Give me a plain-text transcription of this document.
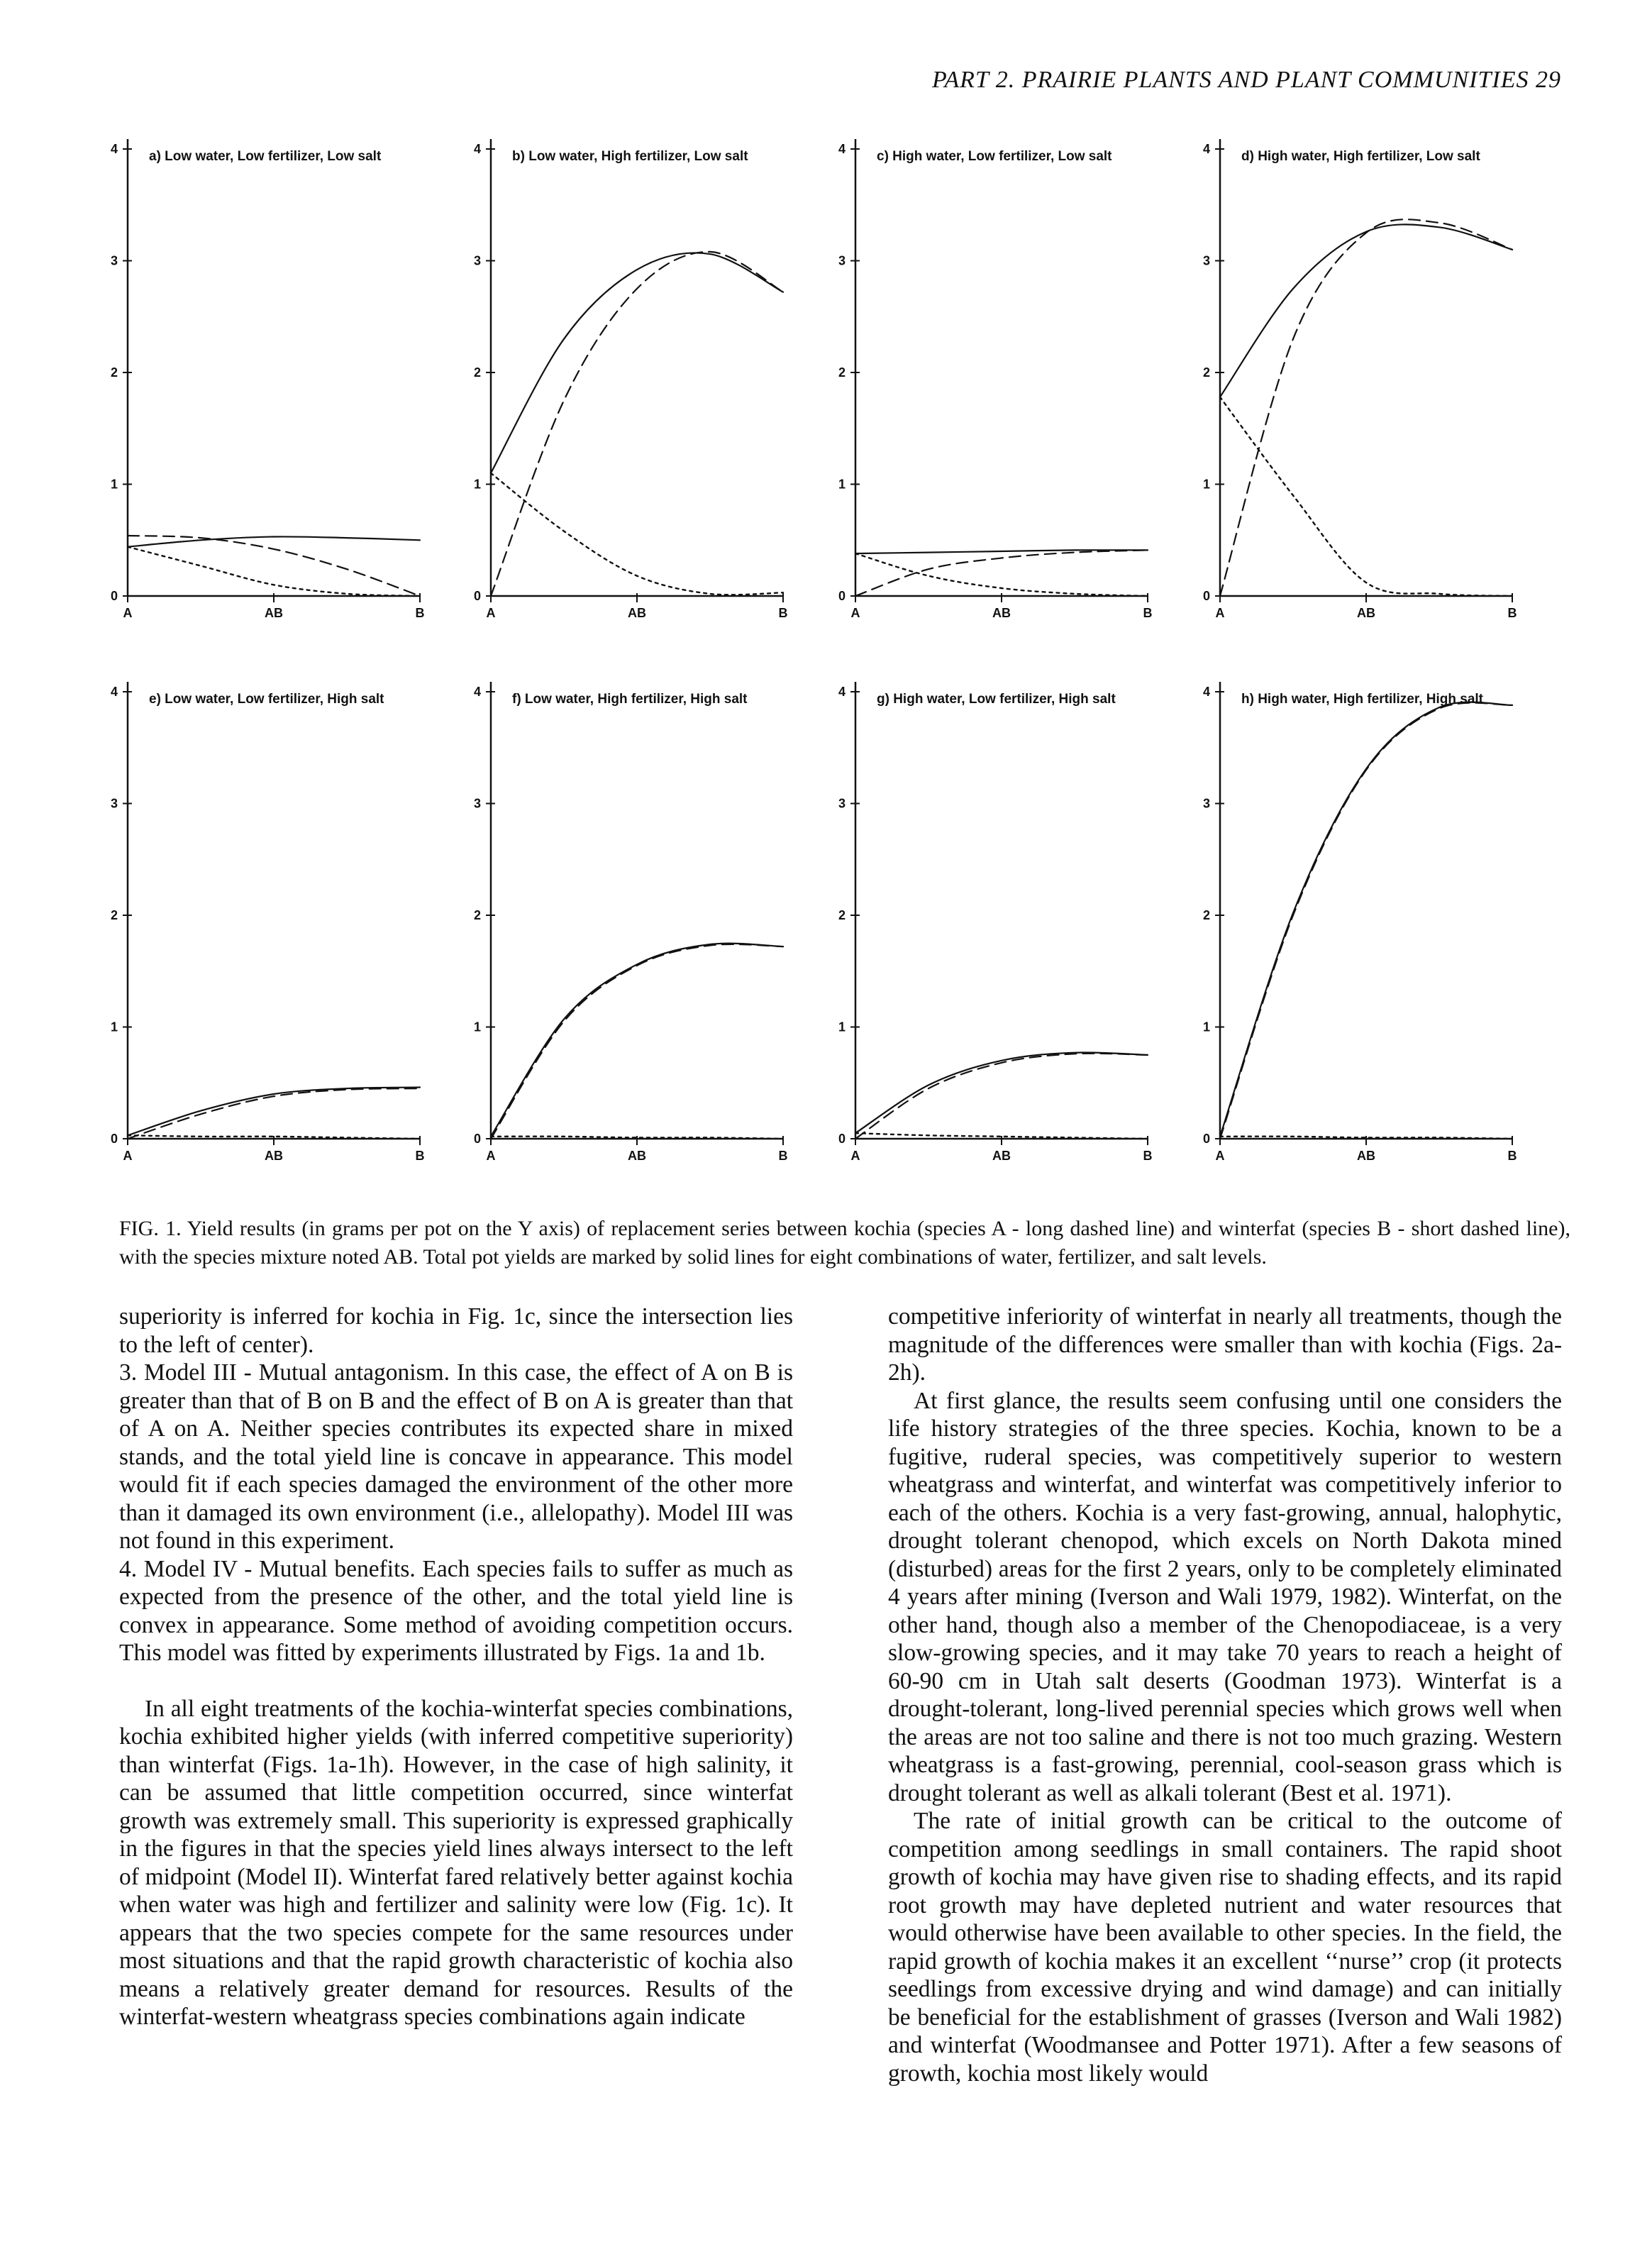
PART 2. PRAIRIE PLANTS AND PLANT COMMUNITIES 29
0
1
2
3
4
A	AB	B
a) Low water, Low fertilizer, Low salt
0
1
2
3
4
A	AB	B
b) Low water, High fertilizer, Low salt
0
1
2
3
4
A	AB	B
c) High water, Low fertilizer, Low salt
0
1
2
3
4
A	AB	B
d) High water, High fertilizer, Low salt
0
1
2
3
4
A	AB	B
e) Low water, Low fertilizer, High salt
0
1
2
3
4
A	AB	B
f) Low water, High fertilizer, High salt
0
1
2
3
4
A	AB	B
g) High water, Low fertilizer, High salt
0
1
2
3
4
A	AB	B
h) High water, High fertilizer, High salt
FIG. 1. Yield results (in grams per pot on the Y axis) of replacement series between kochia (species A - long dashed line) and winterfat (species B - short dashed line), with the species mixture noted AB. Total pot yields are marked by solid lines for eight combinations of water, fertilizer, and salt levels.

superiority is inferred for kochia in Fig. 1c, since the intersection lies to the left of center).

3. Model III - Mutual antagonism. In this case, the effect of A on B is greater than that of B on B and the effect of B on A is greater than that of A on A. Neither species contributes its expected share in mixed stands, and the total yield line is concave in appearance. This model would fit if each species damaged the environment of the other more than it damaged its own environment (i.e., allelopathy). Model III was not found in this experiment.

4. Model IV - Mutual benefits. Each species fails to suffer as much as expected from the presence of the other, and the total yield line is convex in appearance. Some method of avoiding competition occurs. This model was fitted by experiments illustrated by Figs. 1a and 1b.

In all eight treatments of the kochia-winterfat species combinations, kochia exhibited higher yields (with inferred competitive superiority) than winterfat (Figs. 1a-1h). However, in the case of high salinity, it can be assumed that little competition occurred, since winterfat growth was extremely small. This superiority is expressed graphically in the figures in that the species yield lines always intersect to the left of midpoint (Model II). Winterfat fared relatively better against kochia when water was high and fertilizer and salinity were low (Fig. 1c). It appears that the two species compete for the same resources under most situations and that the rapid growth characteristic of kochia also means a relatively greater demand for resources. Results of the winterfat-western wheatgrass species combinations again indicate

competitive inferiority of winterfat in nearly all treatments, though the magnitude of the differences were smaller than with kochia (Figs. 2a-2h).

At first glance, the results seem confusing until one considers the life history strategies of the three species. Kochia, known to be a fugitive, ruderal species, was competitively superior to western wheatgrass and winterfat, and winterfat was competitively inferior to each of the others. Kochia is a very fast-growing, annual, halophytic, drought tolerant chenopod, which excels on North Dakota mined (disturbed) areas for the first 2 years, only to be completely eliminated 4 years after mining (Iverson and Wali 1979, 1982). Winterfat, on the other hand, though also a member of the Chenopodiaceae, is a very slow-growing species, and it may take 70 years to reach a height of 60-90 cm in Utah salt deserts (Goodman 1973). Winterfat is a drought-tolerant, long-lived perennial species which grows well when the areas are not too saline and there is not too much grazing. Western wheatgrass is a fast-growing, perennial, cool-season grass which is drought tolerant as well as alkali tolerant (Best et al. 1971).

The rate of initial growth can be critical to the outcome of competition among seedlings in small containers. The rapid shoot growth of kochia may have given rise to shading effects, and its rapid root growth may have depleted nutrient and water resources that would otherwise have been available to other species. In the field, the rapid growth of kochia makes it an excellent ‘‘nurse’’ crop (it protects seedlings from excessive drying and wind damage) and can initially be beneficial for the establishment of grasses (Iverson and Wali 1982) and winterfat (Woodmansee and Potter 1971). After a few seasons of growth, kochia most likely would
